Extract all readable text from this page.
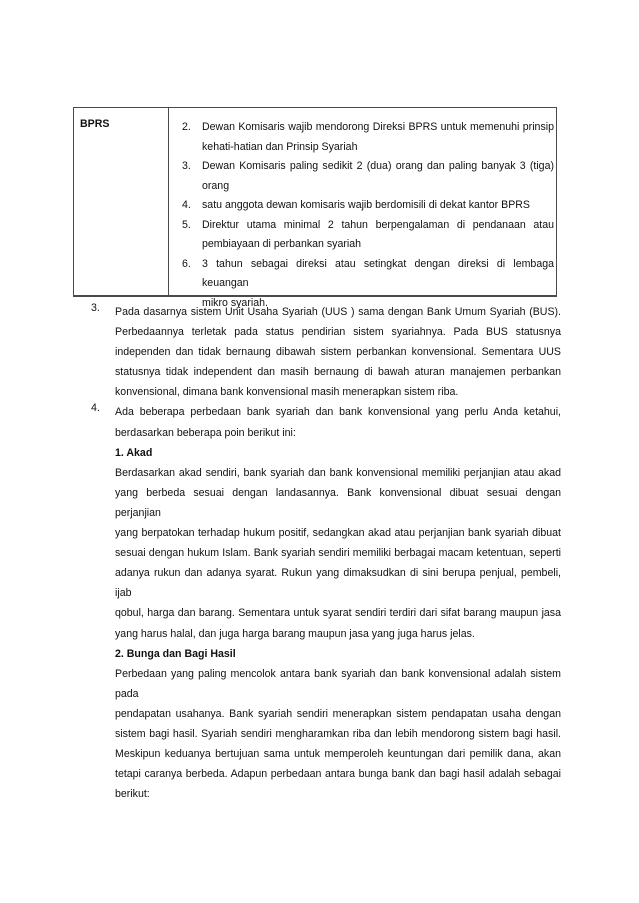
BPRS	2. Dewan Komisaris wajib mendorong Direksi BPRS untuk memenuhi prinsip
kehati-hatian dan Prinsip Syariah
3. Dewan Komisaris paling sedikit 2 (dua) orang dan paling banyak 3 (tiga)
orang
4. satu anggota dewan komisaris wajib berdomisili di dekat kantor BPRS
5. Direktur utama minimal 2 tahun berpengalaman di pendanaan atau
pembiayaan di perbankan syariah
6. 3 tahun sebagai direksi atau setingkat dengan direksi di lembaga keuangan
mikro syariah.
3. Pada dasarnya sistem Unit Usaha Syariah (UUS ) sama dengan Bank Umum Syariah (BUS).
Perbedaannya terletak pada status pendirian sistem syariahnya. Pada BUS statusnya
independen dan tidak bernaung dibawah sistem perbankan konvensional. Sementara UUS
statusnya tidak independent dan masih bernaung di bawah aturan manajemen perbankan
konvensional, dimana bank konvensional masih menerapkan sistem riba.

4. Ada beberapa perbedaan bank syariah dan bank konvensional yang perlu Anda ketahui,
berdasarkan beberapa poin berikut ini:

1. Akad

Berdasarkan akad sendiri, bank syariah dan bank konvensional memiliki perjanjian atau akad
yang berbeda sesuai dengan landasannya. Bank konvensional dibuat sesuai dengan perjanjian
yang berpatokan terhadap hukum positif, sedangkan akad atau perjanjian bank syariah dibuat
sesuai dengan hukum Islam. Bank syariah sendiri memiliki berbagai macam ketentuan, seperti
adanya rukun dan adanya syarat. Rukun yang dimaksudkan di sini berupa penjual, pembeli, ijab
qobul, harga dan barang. Sementara untuk syarat sendiri terdiri dari sifat barang maupun jasa
yang harus halal, dan juga harga barang maupun jasa yang juga harus jelas.

2. Bunga dan Bagi Hasil

Perbedaan yang paling mencolok antara bank syariah dan bank konvensional adalah sistem pada
pendapatan usahanya. Bank syariah sendiri menerapkan sistem pendapatan usaha dengan
sistem bagi hasil. Syariah sendiri mengharamkan riba dan lebih mendorong sistem bagi hasil.
Meskipun keduanya bertujuan sama untuk memperoleh keuntungan dari pemilik dana, akan
tetapi caranya berbeda. Adapun perbedaan antara bunga bank dan bagi hasil adalah sebagai
berikut:
